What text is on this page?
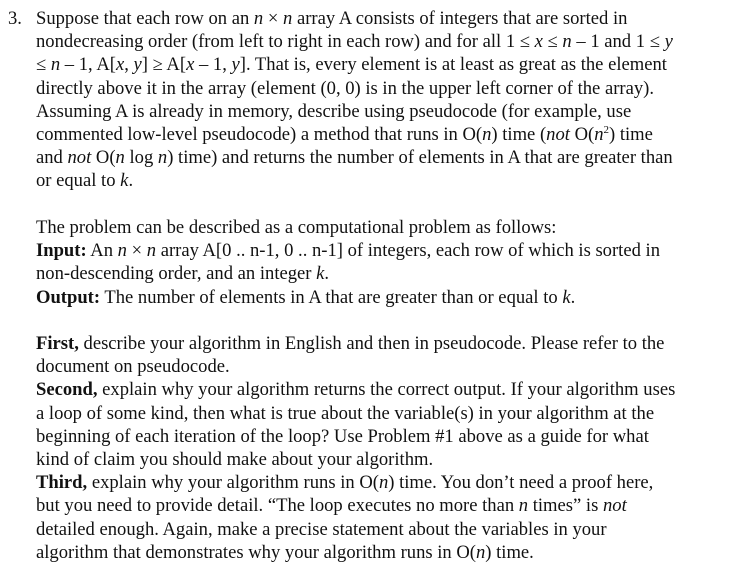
3. Suppose that each row on an n × n array A consists of integers that are sorted in
nondecreasing order (from left to right in each row) and for all 1 ≤ x ≤ n – 1 and 1 ≤ y
≤ n – 1, A[x, y] ≥ A[x – 1, y]. That is, every element is at least as great as the element
directly above it in the array (element (0, 0) is in the upper left corner of the array).
Assuming A is already in memory, describe using pseudocode (for example, use
commented low-level pseudocode) a method that runs in O(n) time (not $O(n^2)$ time
and not O(n log n) time) and returns the number of elements in A that are greater than
or equal to k.
The problem can be described as a computational problem as follows:
Input: An n × n array A[0 .. n-1, 0 .. n-1] of integers, each row of which is sorted in
non-descending order, and an integer k.
Output: The number of elements in A that are greater than or equal to k.
First, describe your algorithm in English and then in pseudocode. Please refer to the
document on pseudocode.
Second, explain why your algorithm returns the correct output. If your algorithm uses
a loop of some kind, then what is true about the variable(s) in your algorithm at the
beginning of each iteration of the loop? Use Problem #1 above as a guide for what
kind of claim you should make about your algorithm.
Third, explain why your algorithm runs in O(n) time. You don’t need a proof here,
but you need to provide detail. “The loop executes no more than n times” is not
detailed enough. Again, make a precise statement about the variables in your
algorithm that demonstrates why your algorithm runs in O(n) time.
